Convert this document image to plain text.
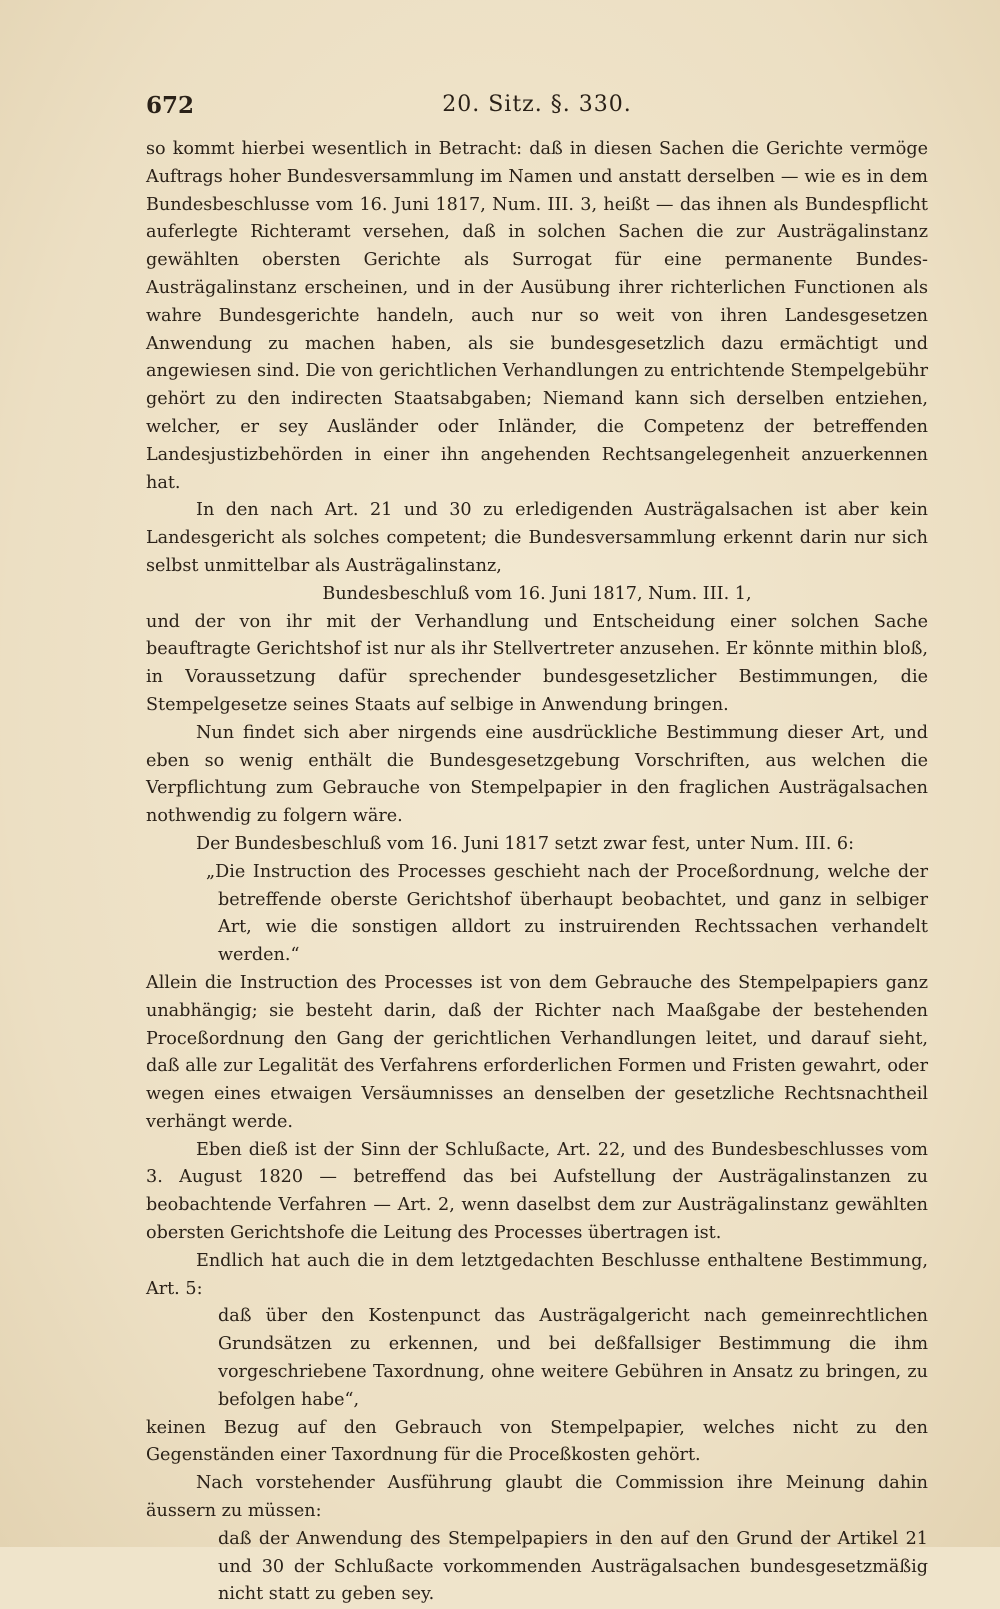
672	20. Sitz. §. 330.

so kommt hierbei wesentlich in Betracht: daß in diesen Sachen die Gerichte vermöge Auftrags hoher Bundesversammlung im Namen und anstatt derselben — wie es in dem Bundesbeschlusse vom 16. Juni 1817, Num. III. 3, heißt — das ihnen als Bundespflicht auferlegte Richteramt versehen, daß in solchen Sachen die zur Austrägalinstanz gewählten obersten Gerichte als Surrogat für eine permanente Bundes-Austrägalinstanz erscheinen, und in der Ausübung ihrer richterlichen Functionen als wahre Bundesgerichte handeln, auch nur so weit von ihren Landesgesetzen Anwendung zu machen haben, als sie bundesgesetzlich dazu ermächtigt und angewiesen sind. Die von gerichtlichen Verhandlungen zu entrichtende Stempelgebühr gehört zu den indirecten Staatsabgaben; Niemand kann sich derselben entziehen, welcher, er sey Ausländer oder Inländer, die Competenz der betreffenden Landesjustizbehörden in einer ihn angehenden Rechtsangelegenheit anzuerkennen hat.

In den nach Art. 21 und 30 zu erledigenden Austrägalsachen ist aber kein Landesgericht als solches competent; die Bundesversammlung erkennt darin nur sich selbst unmittelbar als Austrägalinstanz,

Bundesbeschluß vom 16. Juni 1817, Num. III. 1,

und der von ihr mit der Verhandlung und Entscheidung einer solchen Sache beauftragte Gerichtshof ist nur als ihr Stellvertreter anzusehen. Er könnte mithin bloß, in Voraussetzung dafür sprechender bundesgesetzlicher Bestimmungen, die Stempelgesetze seines Staats auf selbige in Anwendung bringen.

Nun findet sich aber nirgends eine ausdrückliche Bestimmung dieser Art, und eben so wenig enthält die Bundesgesetzgebung Vorschriften, aus welchen die Verpflichtung zum Gebrauche von Stempelpapier in den fraglichen Austrägalsachen nothwendig zu folgern wäre.

Der Bundesbeschluß vom 16. Juni 1817 setzt zwar fest, unter Num. III. 6:

„Die Instruction des Processes geschieht nach der Proceßordnung, welche der betreffende oberste Gerichtshof überhaupt beobachtet, und ganz in selbiger Art, wie die sonstigen alldort zu instruirenden Rechtssachen verhandelt werden.“

Allein die Instruction des Processes ist von dem Gebrauche des Stempelpapiers ganz unabhängig; sie besteht darin, daß der Richter nach Maaßgabe der bestehenden Proceßordnung den Gang der gerichtlichen Verhandlungen leitet, und darauf sieht, daß alle zur Legalität des Verfahrens erforderlichen Formen und Fristen gewahrt, oder wegen eines etwaigen Versäumnisses an denselben der gesetzliche Rechtsnachtheil verhängt werde.

Eben dieß ist der Sinn der Schlußacte, Art. 22, und des Bundesbeschlusses vom 3. August 1820 — betreffend das bei Aufstellung der Austrägalinstanzen zu beobachtende Verfahren — Art. 2, wenn daselbst dem zur Austrägalinstanz gewählten obersten Gerichtshofe die Leitung des Processes übertragen ist.

Endlich hat auch die in dem letztgedachten Beschlusse enthaltene Bestimmung, Art. 5:

daß über den Kostenpunct das Austrägalgericht nach gemeinrechtlichen Grundsätzen zu erkennen, und bei deßfallsiger Bestimmung die ihm vorgeschriebene Taxordnung, ohne weitere Gebühren in Ansatz zu bringen, zu befolgen habe“,

keinen Bezug auf den Gebrauch von Stempelpapier, welches nicht zu den Gegenständen einer Taxordnung für die Proceßkosten gehört.

Nach vorstehender Ausführung glaubt die Commission ihre Meinung dahin äussern zu müssen:

daß der Anwendung des Stempelpapiers in den auf den Grund der Artikel 21 und 30 der Schlußacte vorkommenden Austrägalsachen bundesgesetzmäßig nicht statt zu geben sey.
